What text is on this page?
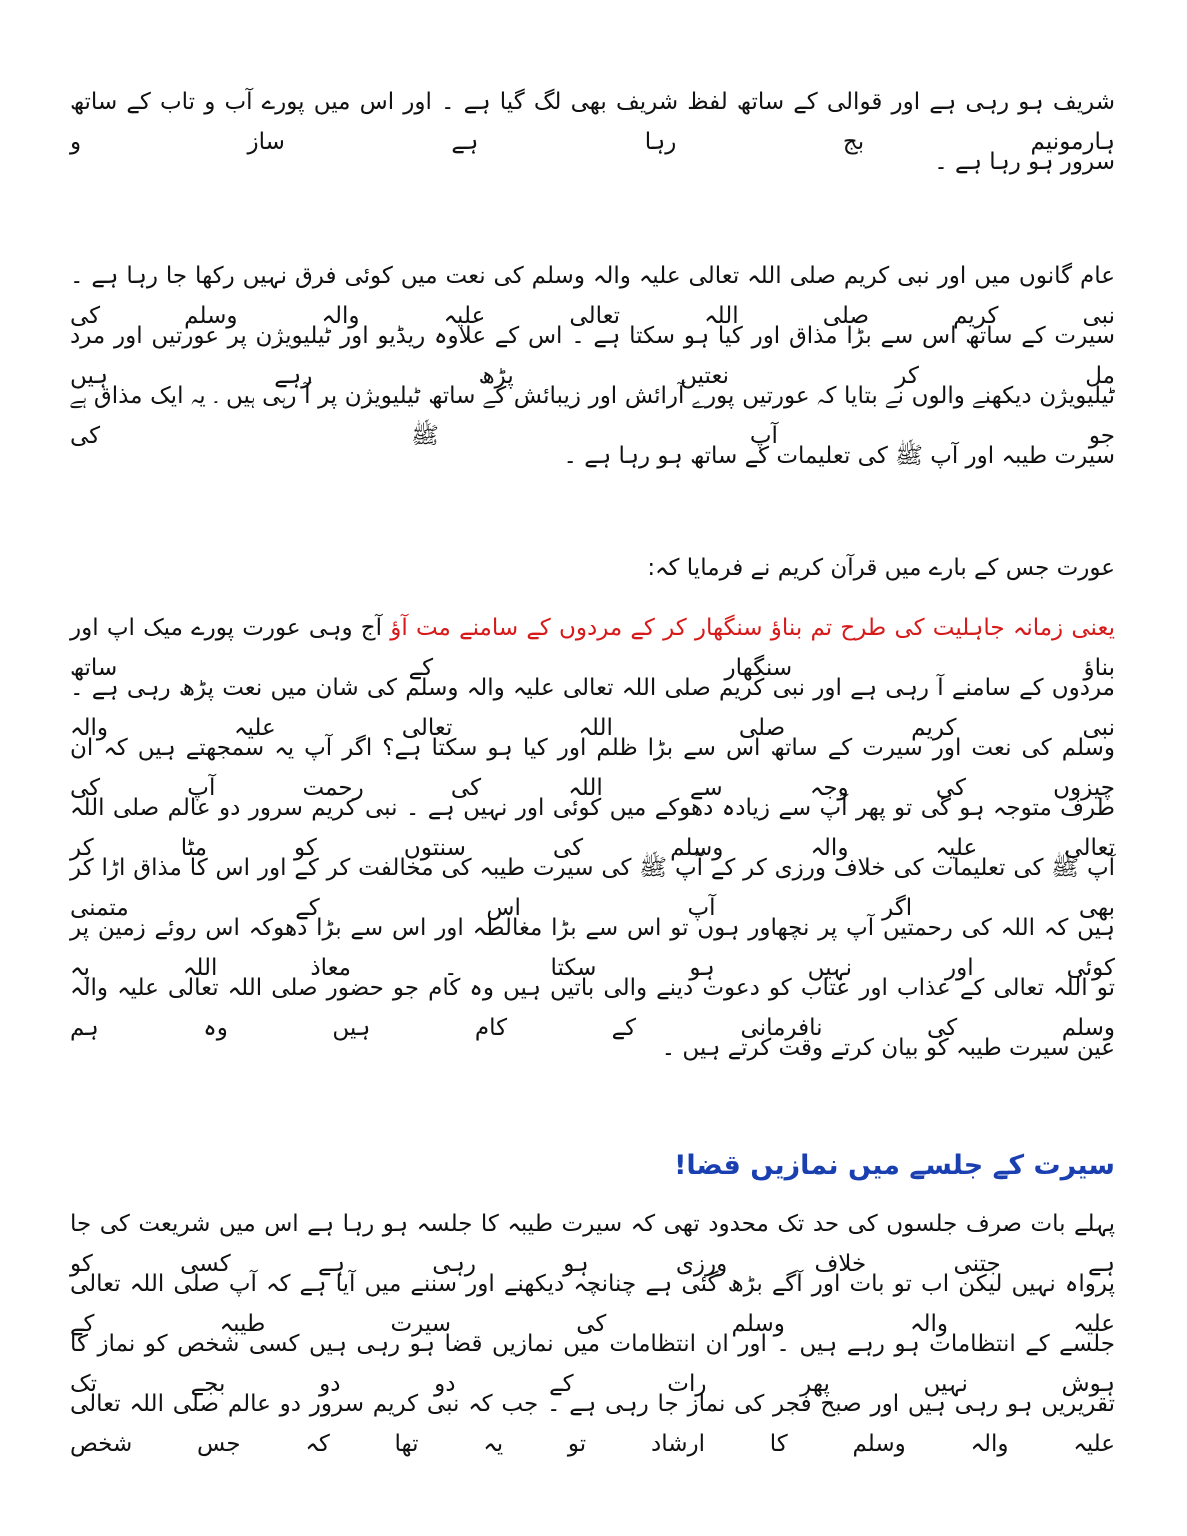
شریف ہو رہی ہے اور قوالی کے ساتھ لفظ شریف بھی لگ گیا ہے ۔ اور اس میں پورے آب و تاب کے ساتھ ہارمونیم بج رہا ہے ساز و
سرور ہو رہا ہے ۔
عام گانوں میں اور نبی کریم صلی اللہ تعالی علیہ والہ وسلم کی نعت میں کوئی فرق نہیں رکھا جا رہا ہے ۔ نبی کریم صلی اللہ تعالی علیہ والہ وسلم کی
سیرت کے ساتھ اس سے بڑا مذاق اور کیا ہو سکتا ہے ۔ اس کے علاوہ ریڈیو اور ٹیلیویژن پر عورتیں اور مرد مل کر نعتیں پڑھ رہے ہیں
ٹیلیویژن دیکھنے والوں نے بتایا کہ عورتیں پورے آرائش اور زیبائش کے ساتھ ٹیلیویژن پر آ رہی ہیں ۔ یہ ایک مذاق ہے جو آپ ﷺ کی
سیرت طیبہ اور آپ ﷺ کی تعلیمات کے ساتھ ہو رہا ہے ۔
عورت جس کے بارے میں قرآن کریم نے فرمایا کہ:
یعنی زمانہ جاہلیت کی طرح تم بناؤ سنگھار کر کے مردوں کے سامنے مت آؤ آج وہی عورت پورے میک اپ اور بناؤ سنگھار کے ساتھ
مردوں کے سامنے آ رہی ہے اور نبی کریم صلی اللہ تعالی علیہ والہ وسلم کی شان میں نعت پڑھ رہی ہے ۔ نبی کریم صلی اللہ تعالی علیہ والہ
وسلم کی نعت اور سیرت کے ساتھ اس سے بڑا ظلم اور کیا ہو سکتا ہے؟ اگر آپ یہ سمجھتے ہیں کہ ان چیزوں کی وجہ سے اللہ کی رحمت آپ کی
طرف متوجہ ہو گی تو پھر آپ سے زیادہ دھوکے میں کوئی اور نہیں ہے ۔ نبی کریم سرور دو عالم صلی اللہ تعالی علیہ والہ وسلم کی سنتوں کو مٹا کر
آپ ﷺ کی تعلیمات کی خلاف ورزی کر کے آپ ﷺ کی سیرت طیبہ کی مخالفت کر کے اور اس کا مذاق اڑا کر بھی اگر آپ اس کے متمنی
ہیں کہ اللہ کی رحمتیں آپ پر نچھاور ہوں تو اس سے بڑا مغالطہ اور اس سے بڑا دھوکہ اس روئے زمین پر کوئی اور نہیں ہو سکتا ۔ معاذ اللہ یہ
تو اللہ تعالی کے عذاب اور عتاب کو دعوت دینے والی باتیں ہیں وہ کام جو حضور صلی اللہ تعالی علیہ والہ وسلم کی نافرمانی کے کام ہیں وہ ہم
عین سیرت طیبہ کو بیان کرتے وقت کرتے ہیں ۔
سیرت کے جلسے میں نمازیں قضا!
پہلے بات صرف جلسوں کی حد تک محدود تھی کہ سیرت طیبہ کا جلسہ ہو رہا ہے اس میں شریعت کی جا ہے جتنی خلاف ورزی ہو رہی ہے کسی کو
پرواہ نہیں لیکن اب تو بات اور آگے بڑھ گئی ہے چنانچہ دیکھنے اور سننے میں آیا ہے کہ آپ صلی اللہ تعالی علیہ والہ وسلم کی سیرت طیبہ کے
جلسے کے انتظامات ہو رہے ہیں ۔ اور ان انتظامات میں نمازیں قضا ہو رہی ہیں کسی شخص کو نماز کا ہوش نہیں پھر رات کے دو دو بجے تک
تقریریں ہو رہی ہیں اور صبح فجر کی نماز جا رہی ہے ۔ جب کہ نبی کریم سرور دو عالم صلی اللہ تعالی علیہ والہ وسلم کا ارشاد تو یہ تھا کہ جس شخص
